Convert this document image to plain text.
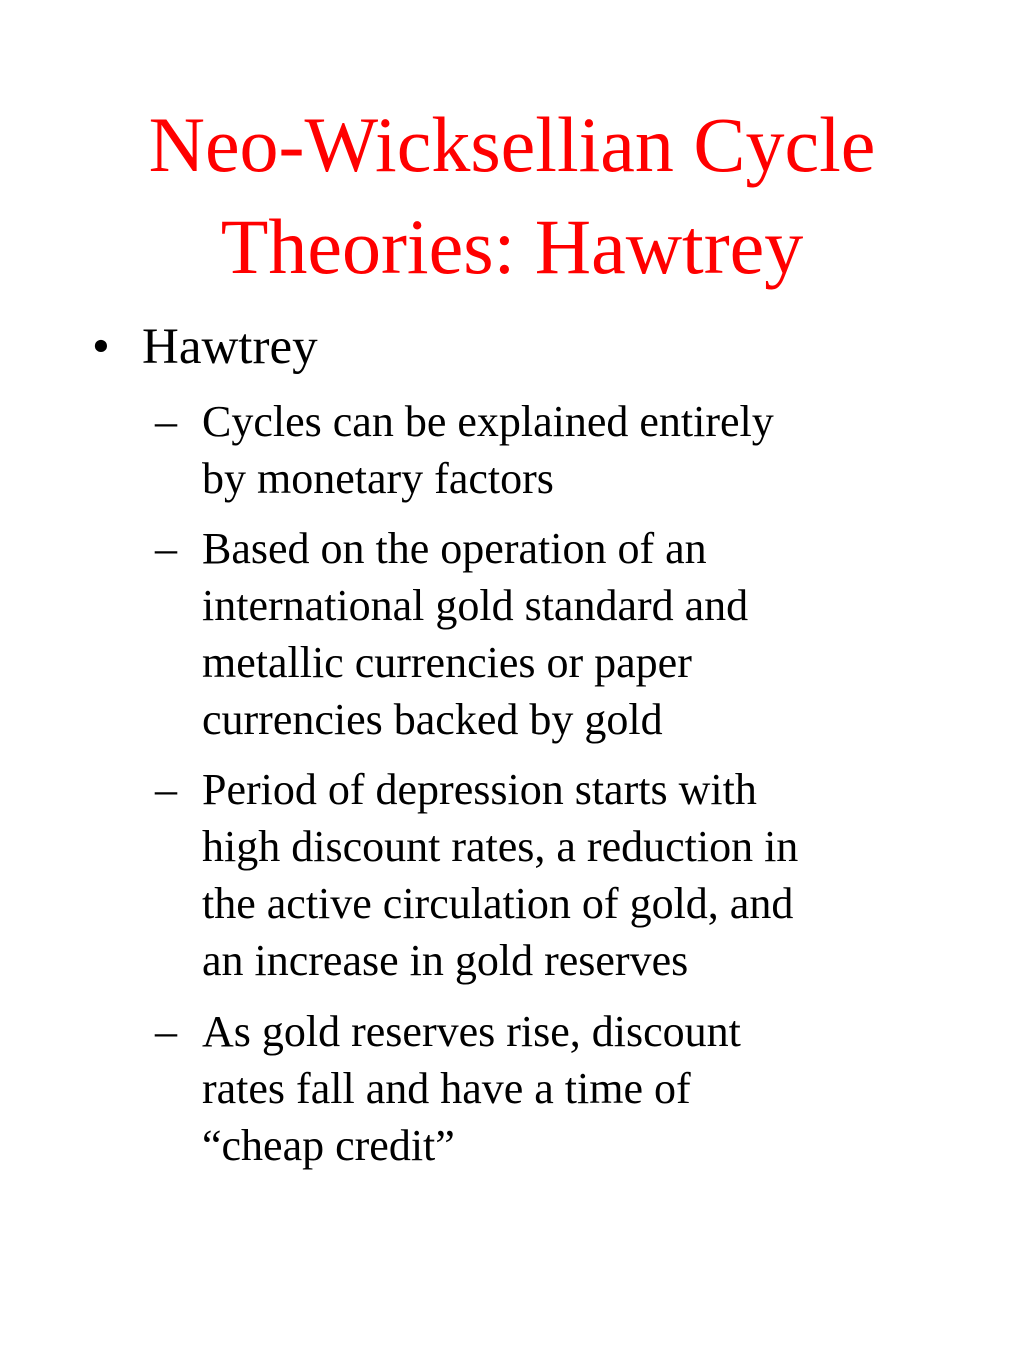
Neo-Wicksellian Cycle
Theories: Hawtrey
• Hawtrey
– Cycles can be explained entirely
by monetary factors
– Based on the operation of an
international gold standard and
metallic currencies or paper
currencies backed by gold
– Period of depression starts with
high discount rates, a reduction in
the active circulation of gold, and
an increase in gold reserves
– As gold reserves rise, discount
rates fall and have a time of
“cheap credit”
